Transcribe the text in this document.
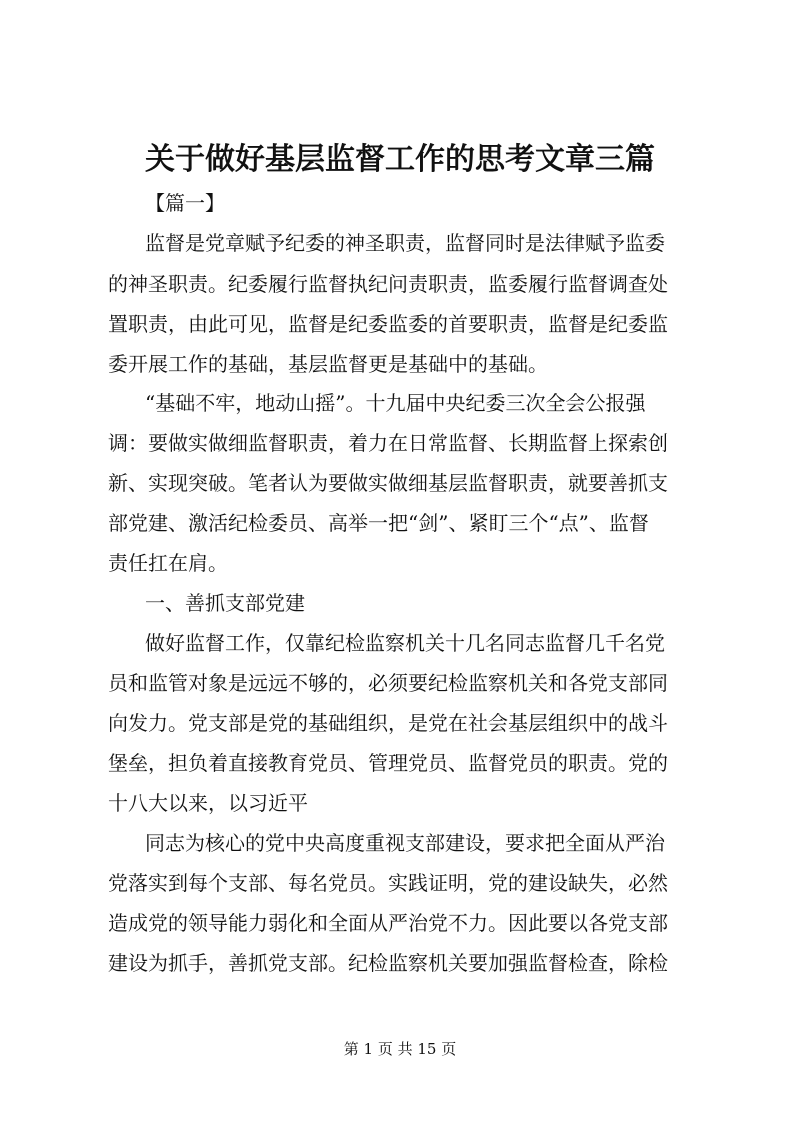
关于做好基层监督工作的思考文章三篇
【篇一】
监督是党章赋予纪委的神圣职责，监督同时是法律赋予监委
的神圣职责。纪委履行监督执纪问责职责，监委履行监督调查处
置职责，由此可见，监督是纪委监委的首要职责，监督是纪委监
委开展工作的基础，基层监督更是基础中的基础。
“基础不牢，地动山摇”。十九届中央纪委三次全会公报强
调：要做实做细监督职责，着力在日常监督、长期监督上探索创
新、实现突破。笔者认为要做实做细基层监督职责，就要善抓支
部党建、激活纪检委员、高举一把“剑”、紧盯三个“点”、监督
责任扛在肩。
一、善抓支部党建
做好监督工作，仅靠纪检监察机关十几名同志监督几千名党
员和监管对象是远远不够的，必须要纪检监察机关和各党支部同
向发力。党支部是党的基础组织，是党在社会基层组织中的战斗
堡垒，担负着直接教育党员、管理党员、监督党员的职责。党的
十八大以来，以习近平
同志为核心的党中央高度重视支部建设，要求把全面从严治
党落实到每个支部、每名党员。实践证明，党的建设缺失，必然
造成党的领导能力弱化和全面从严治党不力。因此要以各党支部
建设为抓手，善抓党支部。纪检监察机关要加强监督检查，除检
第 1 页 共 15 页
